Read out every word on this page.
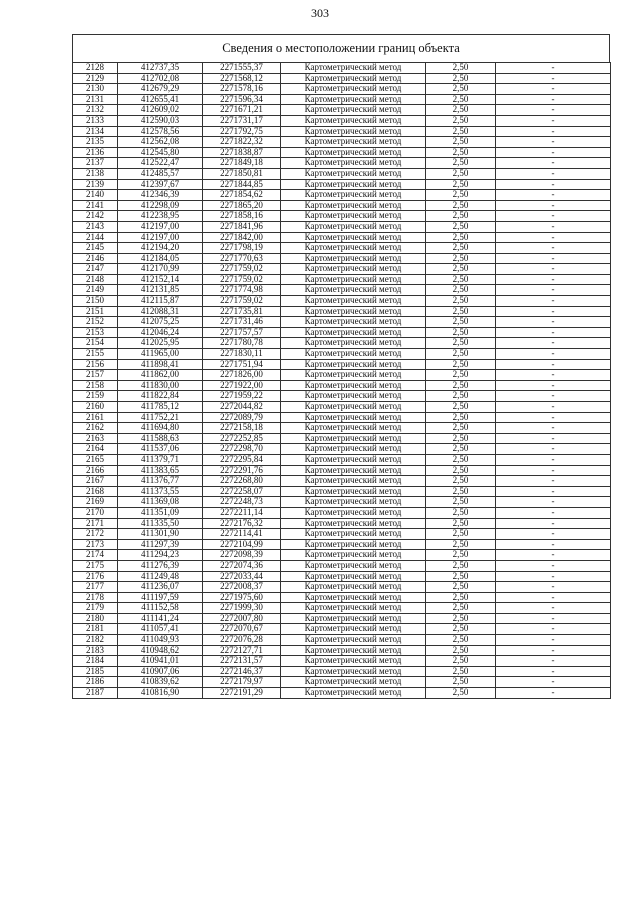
303
Сведения о местоположении границ объекта
2128	412737,35	2271555,37	Картометрический метод	2,50	-
2129	412702,08	2271568,12	Картометрический метод	2,50	-
2130	412679,29	2271578,16	Картометрический метод	2,50	-
2131	412655,41	2271596,34	Картометрический метод	2,50	-
2132	412609,02	2271671,21	Картометрический метод	2,50	-
2133	412590,03	2271731,17	Картометрический метод	2,50	-
2134	412578,56	2271792,75	Картометрический метод	2,50	-
2135	412562,08	2271822,32	Картометрический метод	2,50	-
2136	412545,80	2271838,87	Картометрический метод	2,50	-
2137	412522,47	2271849,18	Картометрический метод	2,50	-
2138	412485,57	2271850,81	Картометрический метод	2,50	-
2139	412397,67	2271844,85	Картометрический метод	2,50	-
2140	412346,39	2271854,62	Картометрический метод	2,50	-
2141	412298,09	2271865,20	Картометрический метод	2,50	-
2142	412238,95	2271858,16	Картометрический метод	2,50	-
2143	412197,00	2271841,96	Картометрический метод	2,50	-
2144	412197,00	2271842,00	Картометрический метод	2,50	-
2145	412194,20	2271798,19	Картометрический метод	2,50	-
2146	412184,05	2271770,63	Картометрический метод	2,50	-
2147	412170,99	2271759,02	Картометрический метод	2,50	-
2148	412152,14	2271759,02	Картометрический метод	2,50	-
2149	412131,85	2271774,98	Картометрический метод	2,50	-
2150	412115,87	2271759,02	Картометрический метод	2,50	-
2151	412088,31	2271735,81	Картометрический метод	2,50	-
2152	412075,25	2271731,46	Картометрический метод	2,50	-
2153	412046,24	2271757,57	Картометрический метод	2,50	-
2154	412025,95	2271780,78	Картометрический метод	2,50	-
2155	411965,00	2271830,11	Картометрический метод	2,50	-
2156	411898,41	2271751,94	Картометрический метод	2,50	-
2157	411862,00	2271826,00	Картометрический метод	2,50	-
2158	411830,00	2271922,00	Картометрический метод	2,50	-
2159	411822,84	2271959,22	Картометрический метод	2,50	-
2160	411785,12	2272044,82	Картометрический метод	2,50	-
2161	411752,21	2272089,79	Картометрический метод	2,50	-
2162	411694,80	2272158,18	Картометрический метод	2,50	-
2163	411588,63	2272252,85	Картометрический метод	2,50	-
2164	411537,06	2272298,70	Картометрический метод	2,50	-
2165	411379,71	2272295,84	Картометрический метод	2,50	-
2166	411383,65	2272291,76	Картометрический метод	2,50	-
2167	411376,77	2272268,80	Картометрический метод	2,50	-
2168	411373,55	2272258,07	Картометрический метод	2,50	-
2169	411369,08	2272248,73	Картометрический метод	2,50	-
2170	411351,09	2272211,14	Картометрический метод	2,50	-
2171	411335,50	2272176,32	Картометрический метод	2,50	-
2172	411301,90	2272114,41	Картометрический метод	2,50	-
2173	411297,39	2272104,99	Картометрический метод	2,50	-
2174	411294,23	2272098,39	Картометрический метод	2,50	-
2175	411276,39	2272074,36	Картометрический метод	2,50	-
2176	411249,48	2272033,44	Картометрический метод	2,50	-
2177	411236,07	2272008,37	Картометрический метод	2,50	-
2178	411197,59	2271975,60	Картометрический метод	2,50	-
2179	411152,58	2271999,30	Картометрический метод	2,50	-
2180	411141,24	2272007,80	Картометрический метод	2,50	-
2181	411057,41	2272070,67	Картометрический метод	2,50	-
2182	411049,93	2272076,28	Картометрический метод	2,50	-
2183	410948,62	2272127,71	Картометрический метод	2,50	-
2184	410941,01	2272131,57	Картометрический метод	2,50	-
2185	410907,06	2272146,37	Картометрический метод	2,50	-
2186	410839,62	2272179,97	Картометрический метод	2,50	-
2187	410816,90	2272191,29	Картометрический метод	2,50	-
